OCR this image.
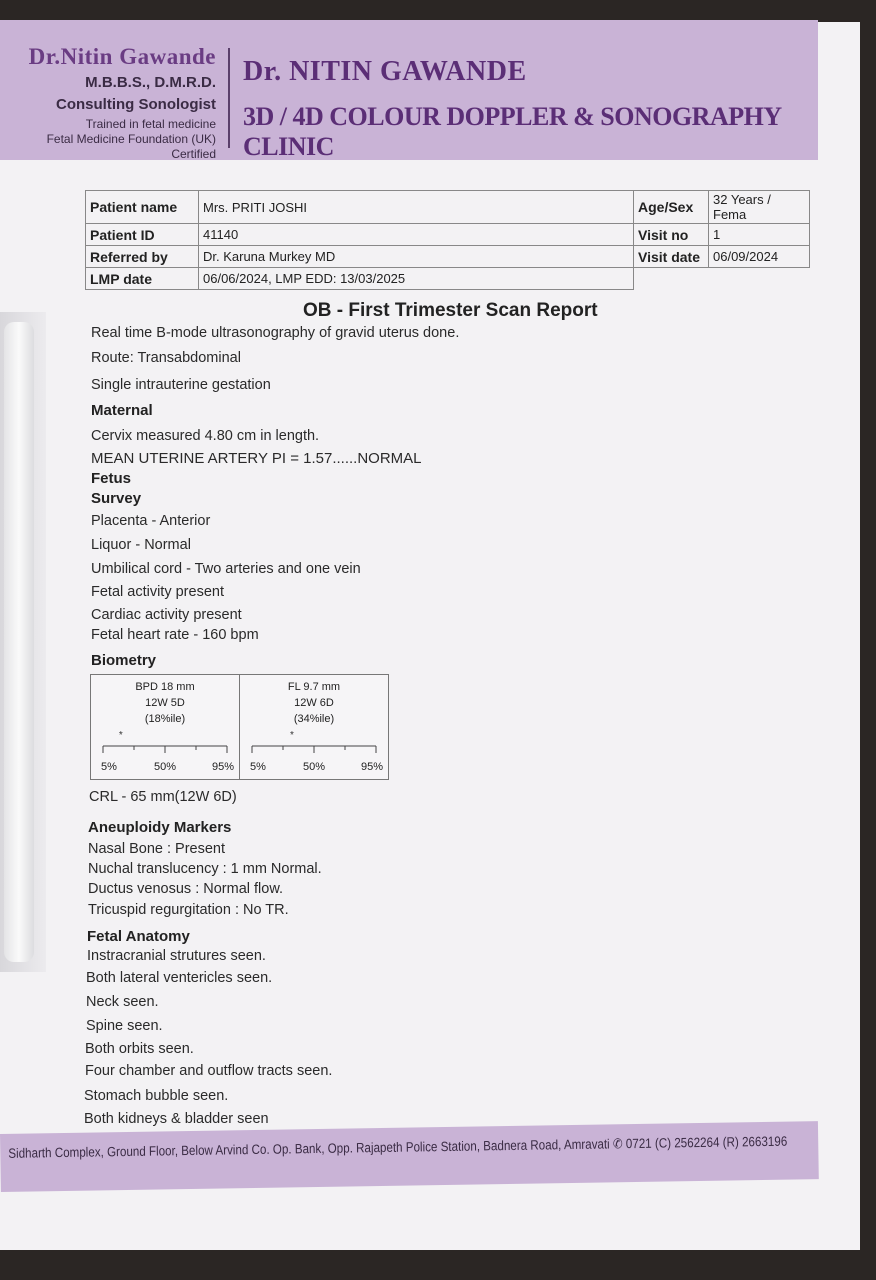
Dr.Nitin Gawande
M.B.B.S., D.M.R.D.
Consulting Sonologist
Trained in fetal medicine
Fetal Medicine Foundation (UK)
Certified
Dr. NITIN GAWANDE
3D / 4D COLOUR DOPPLER & SONOGRAPHY CLINIC
Patient name	Mrs. PRITI JOSHI	Age/Sex	32 Years / Fema
Patient ID	41140	Visit no	1
Referred by	Dr. Karuna Murkey MD	Visit date	06/09/2024
LMP date	06/06/2024, LMP EDD: 13/03/2025		
OB - First Trimester Scan Report
Real time B-mode ultrasonography of gravid uterus done.
Route: Transabdominal
Single intrauterine gestation
Maternal
Cervix measured 4.80 cm in length.
MEAN UTERINE ARTERY PI = 1.57......NORMAL
Fetus
Survey
Placenta - Anterior
Liquor - Normal
Umbilical cord - Two arteries and one vein
Fetal activity present
Cardiac activity present
Fetal heart rate - 160 bpm
Biometry
BPD 18 mm
12W 5D
(18%ile)
*
5%	50%	95%
FL 9.7 mm
12W 6D
(34%ile)
*
5%	50%	95%
CRL - 65 mm(12W 6D)
Aneuploidy Markers
Nasal Bone : Present
Nuchal translucency : 1 mm Normal.
Ductus venosus : Normal flow.
Tricuspid regurgitation : No TR.
Fetal Anatomy
Instracranial strutures seen.
Both lateral ventericles seen.
Neck seen.
Spine seen.
Both orbits seen.
Four chamber and outflow tracts seen.
Stomach bubble seen.
Both kidneys & bladder seen
Sidharth Complex, Ground Floor, Below Arvind Co. Op. Bank, Opp. Rajapeth Police Station, Badnera Road, Amravati ✆ 0721 (C) 2562264 (R) 2663196
